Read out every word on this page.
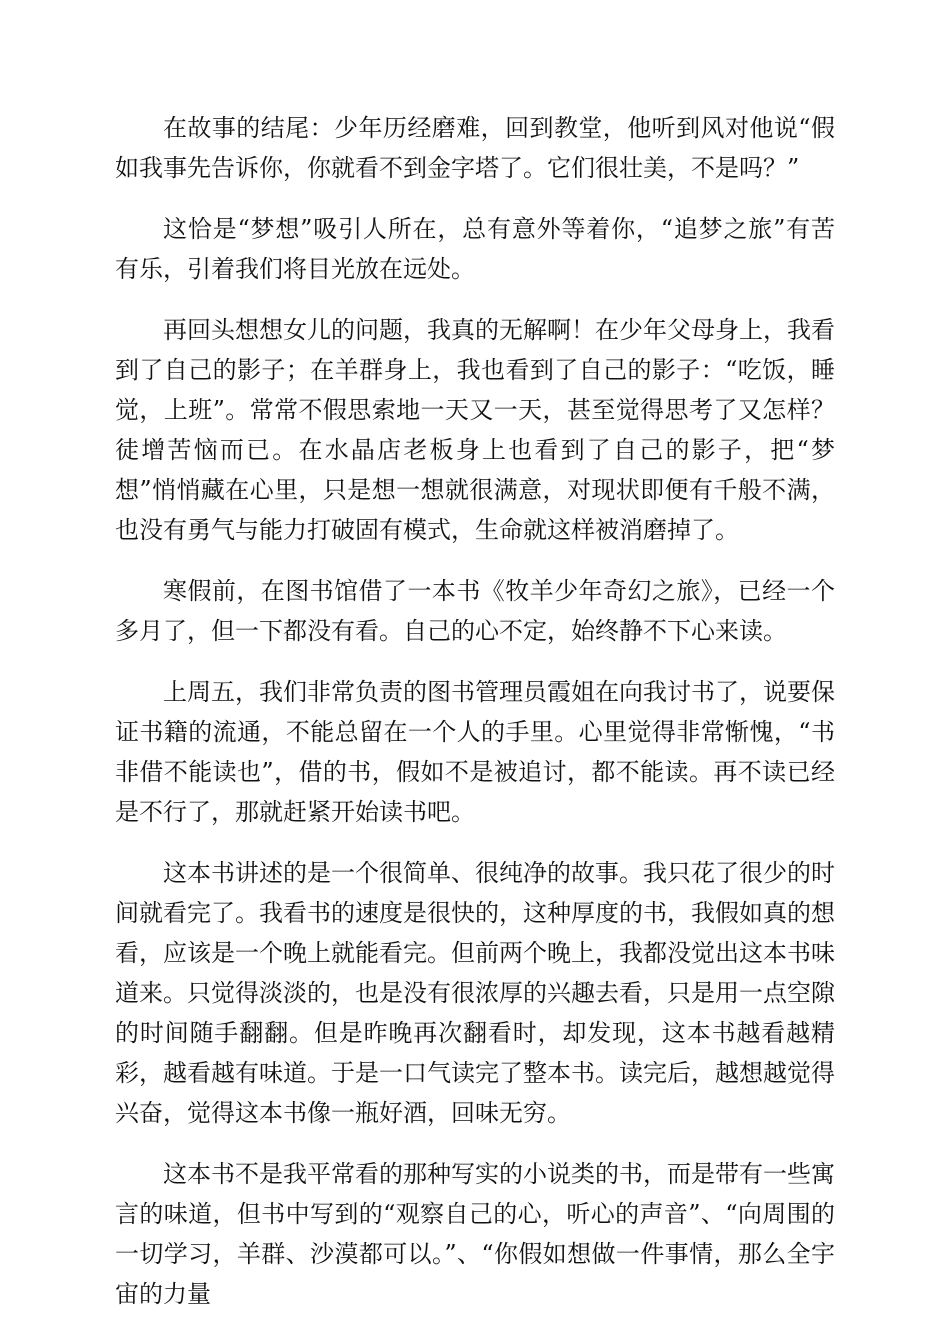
在故事的结尾：少年历经磨难，回到教堂，他听到风对他说“假如我事先告诉你，你就看不到金字塔了。它们很壮美，不是吗？”

这恰是“梦想”吸引人所在，总有意外等着你，“追梦之旅”有苦有乐，引着我们将目光放在远处。

再回头想想女儿的问题，我真的无解啊！在少年父母身上，我看到了自己的影子；在羊群身上，我也看到了自己的影子：“吃饭，睡觉，上班”。常常不假思索地一天又一天，甚至觉得思考了又怎样？徒增苦恼而已。在水晶店老板身上也看到了自己的影子，把“梦想”悄悄藏在心里，只是想一想就很满意，对现状即便有千般不满，也没有勇气与能力打破固有模式，生命就这样被消磨掉了。

寒假前，在图书馆借了一本书《牧羊少年奇幻之旅》，已经一个多月了，但一下都没有看。自己的心不定，始终静不下心来读。

上周五，我们非常负责的图书管理员霞姐在向我讨书了，说要保证书籍的流通，不能总留在一个人的手里。心里觉得非常惭愧，“书非借不能读也”，借的书，假如不是被追讨，都不能读。再不读已经是不行了，那就赶紧开始读书吧。

这本书讲述的是一个很简单、很纯净的故事。我只花了很少的时间就看完了。我看书的速度是很快的，这种厚度的书，我假如真的想看，应该是一个晚上就能看完。但前两个晚上，我都没觉出这本书味道来。只觉得淡淡的，也是没有很浓厚的兴趣去看，只是用一点空隙的时间随手翻翻。但是昨晚再次翻看时，却发现，这本书越看越精彩，越看越有味道。于是一口气读完了整本书。读完后，越想越觉得兴奋，觉得这本书像一瓶好酒，回味无穷。

这本书不是我平常看的那种写实的小说类的书，而是带有一些寓言的味道，但书中写到的“观察自己的心，听心的声音”、“向周围的一切学习，羊群、沙漠都可以。”、“你假如想做一件事情，那么全宇宙的力量
